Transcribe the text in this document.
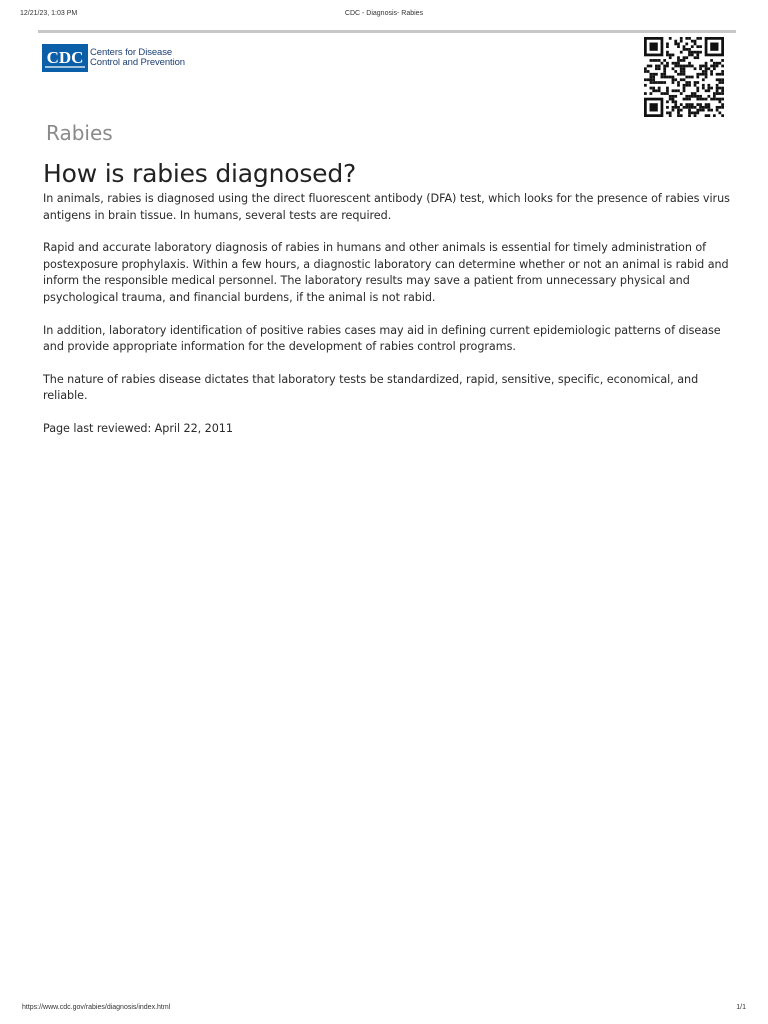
12/21/23, 1:03 PM	CDC - Diagnosis- Rabies
CDC Centers for Disease
Control and Prevention
Rabies
How is rabies diagnosed?

In animals, rabies is diagnosed using the direct fluorescent antibody (DFA) test, which looks for the presence of rabies virus antigens in brain tissue. In humans, several tests are required.

Rapid and accurate laboratory diagnosis of rabies in humans and other animals is essential for timely administration of postexposure prophylaxis. Within a few hours, a diagnostic laboratory can determine whether or not an animal is rabid and inform the responsible medical personnel. The laboratory results may save a patient from unnecessary physical and psychological trauma, and financial burdens, if the animal is not rabid.

In addition, laboratory identification of positive rabies cases may aid in defining current epidemiologic patterns of disease and provide appropriate information for the development of rabies control programs.

The nature of rabies disease dictates that laboratory tests be standardized, rapid, sensitive, specific, economical, and reliable.

Page last reviewed: April 22, 2011

https://www.cdc.gov/rabies/diagnosis/index.html	1/1
